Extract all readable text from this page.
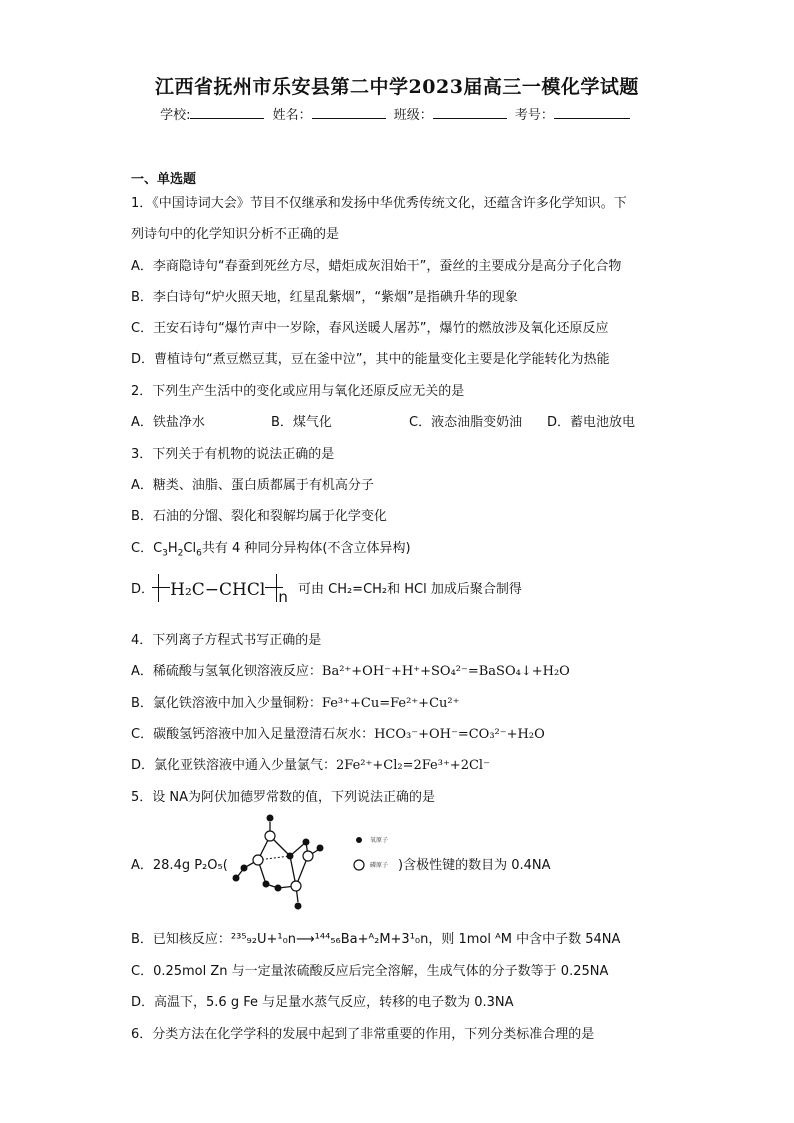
江西省抚州市乐安县第二中学2023届高三一模化学试题
学校:	姓名：	班级：	考号：
一、单选题
1．《中国诗词大会》节目不仅继承和发扬中华优秀传统文化，还蕴含许多化学知识。下
列诗句中的化学知识分析不正确的是
A．李商隐诗句“春蚕到死丝方尽，蜡炬成灰泪始干”，蚕丝的主要成分是高分子化合物
B．李白诗句“炉火照天地，红星乱紫烟”，“紫烟”是指碘升华的现象
C．王安石诗句“爆竹声中一岁除，春风送暖人屠苏”，爆竹的燃放涉及氧化还原反应
D．曹植诗句“煮豆燃豆萁，豆在釜中泣”，其中的能量变化主要是化学能转化为热能
2．下列生产生活中的变化或应用与氧化还原反应无关的是
A．铁盐净水	B．煤气化	C．液态油脂变奶油 D．蓄电池放电
3．下列关于有机物的说法正确的是
A．糖类、油脂、蛋白质都属于有机高分子
B．石油的分馏、裂化和裂解均属于化学变化
C．$C_3H_2Cl_6$共有 4 种同分异构体(不含立体异构)
D． H₂C−CHCl n 可由 CH₂=CH₂和 HCl 加成后聚合制得
4．下列离子方程式书写正确的是
A．稀硫酸与氢氧化钡溶液反应：Ba²⁺+OH⁻+H⁺+SO₄²⁻=BaSO₄↓+H₂O
B．氯化铁溶液中加入少量铜粉：Fe³⁺+Cu=Fe²⁺+Cu²⁺
C．碳酸氢钙溶液中加入足量澄清石灰水：HCO₃⁻+OH⁻=CO₃²⁻+H₂O
D．氯化亚铁溶液中通入少量氯气：2Fe²⁺+Cl₂=2Fe³⁺+2Cl⁻
5．设 NA为阿伏加德罗常数的值，下列说法正确的是
氧原子
磷原子
A．28.4g P₂O₅(	)含极性键的数目为 0.4NA
B．已知核反应：²³⁵₉₂U+¹₀n⟶¹⁴⁴₅₆Ba+ᴬ₂M+3¹₀n，则 1mol ᴬM 中含中子数 54NA
C．0.25mol Zn 与一定量浓硫酸反应后完全溶解，生成气体的分子数等于 0.25NA
D．高温下，5.6 g Fe 与足量水蒸气反应，转移的电子数为 0.3NA
6．分类方法在化学学科的发展中起到了非常重要的作用，下列分类标准合理的是
